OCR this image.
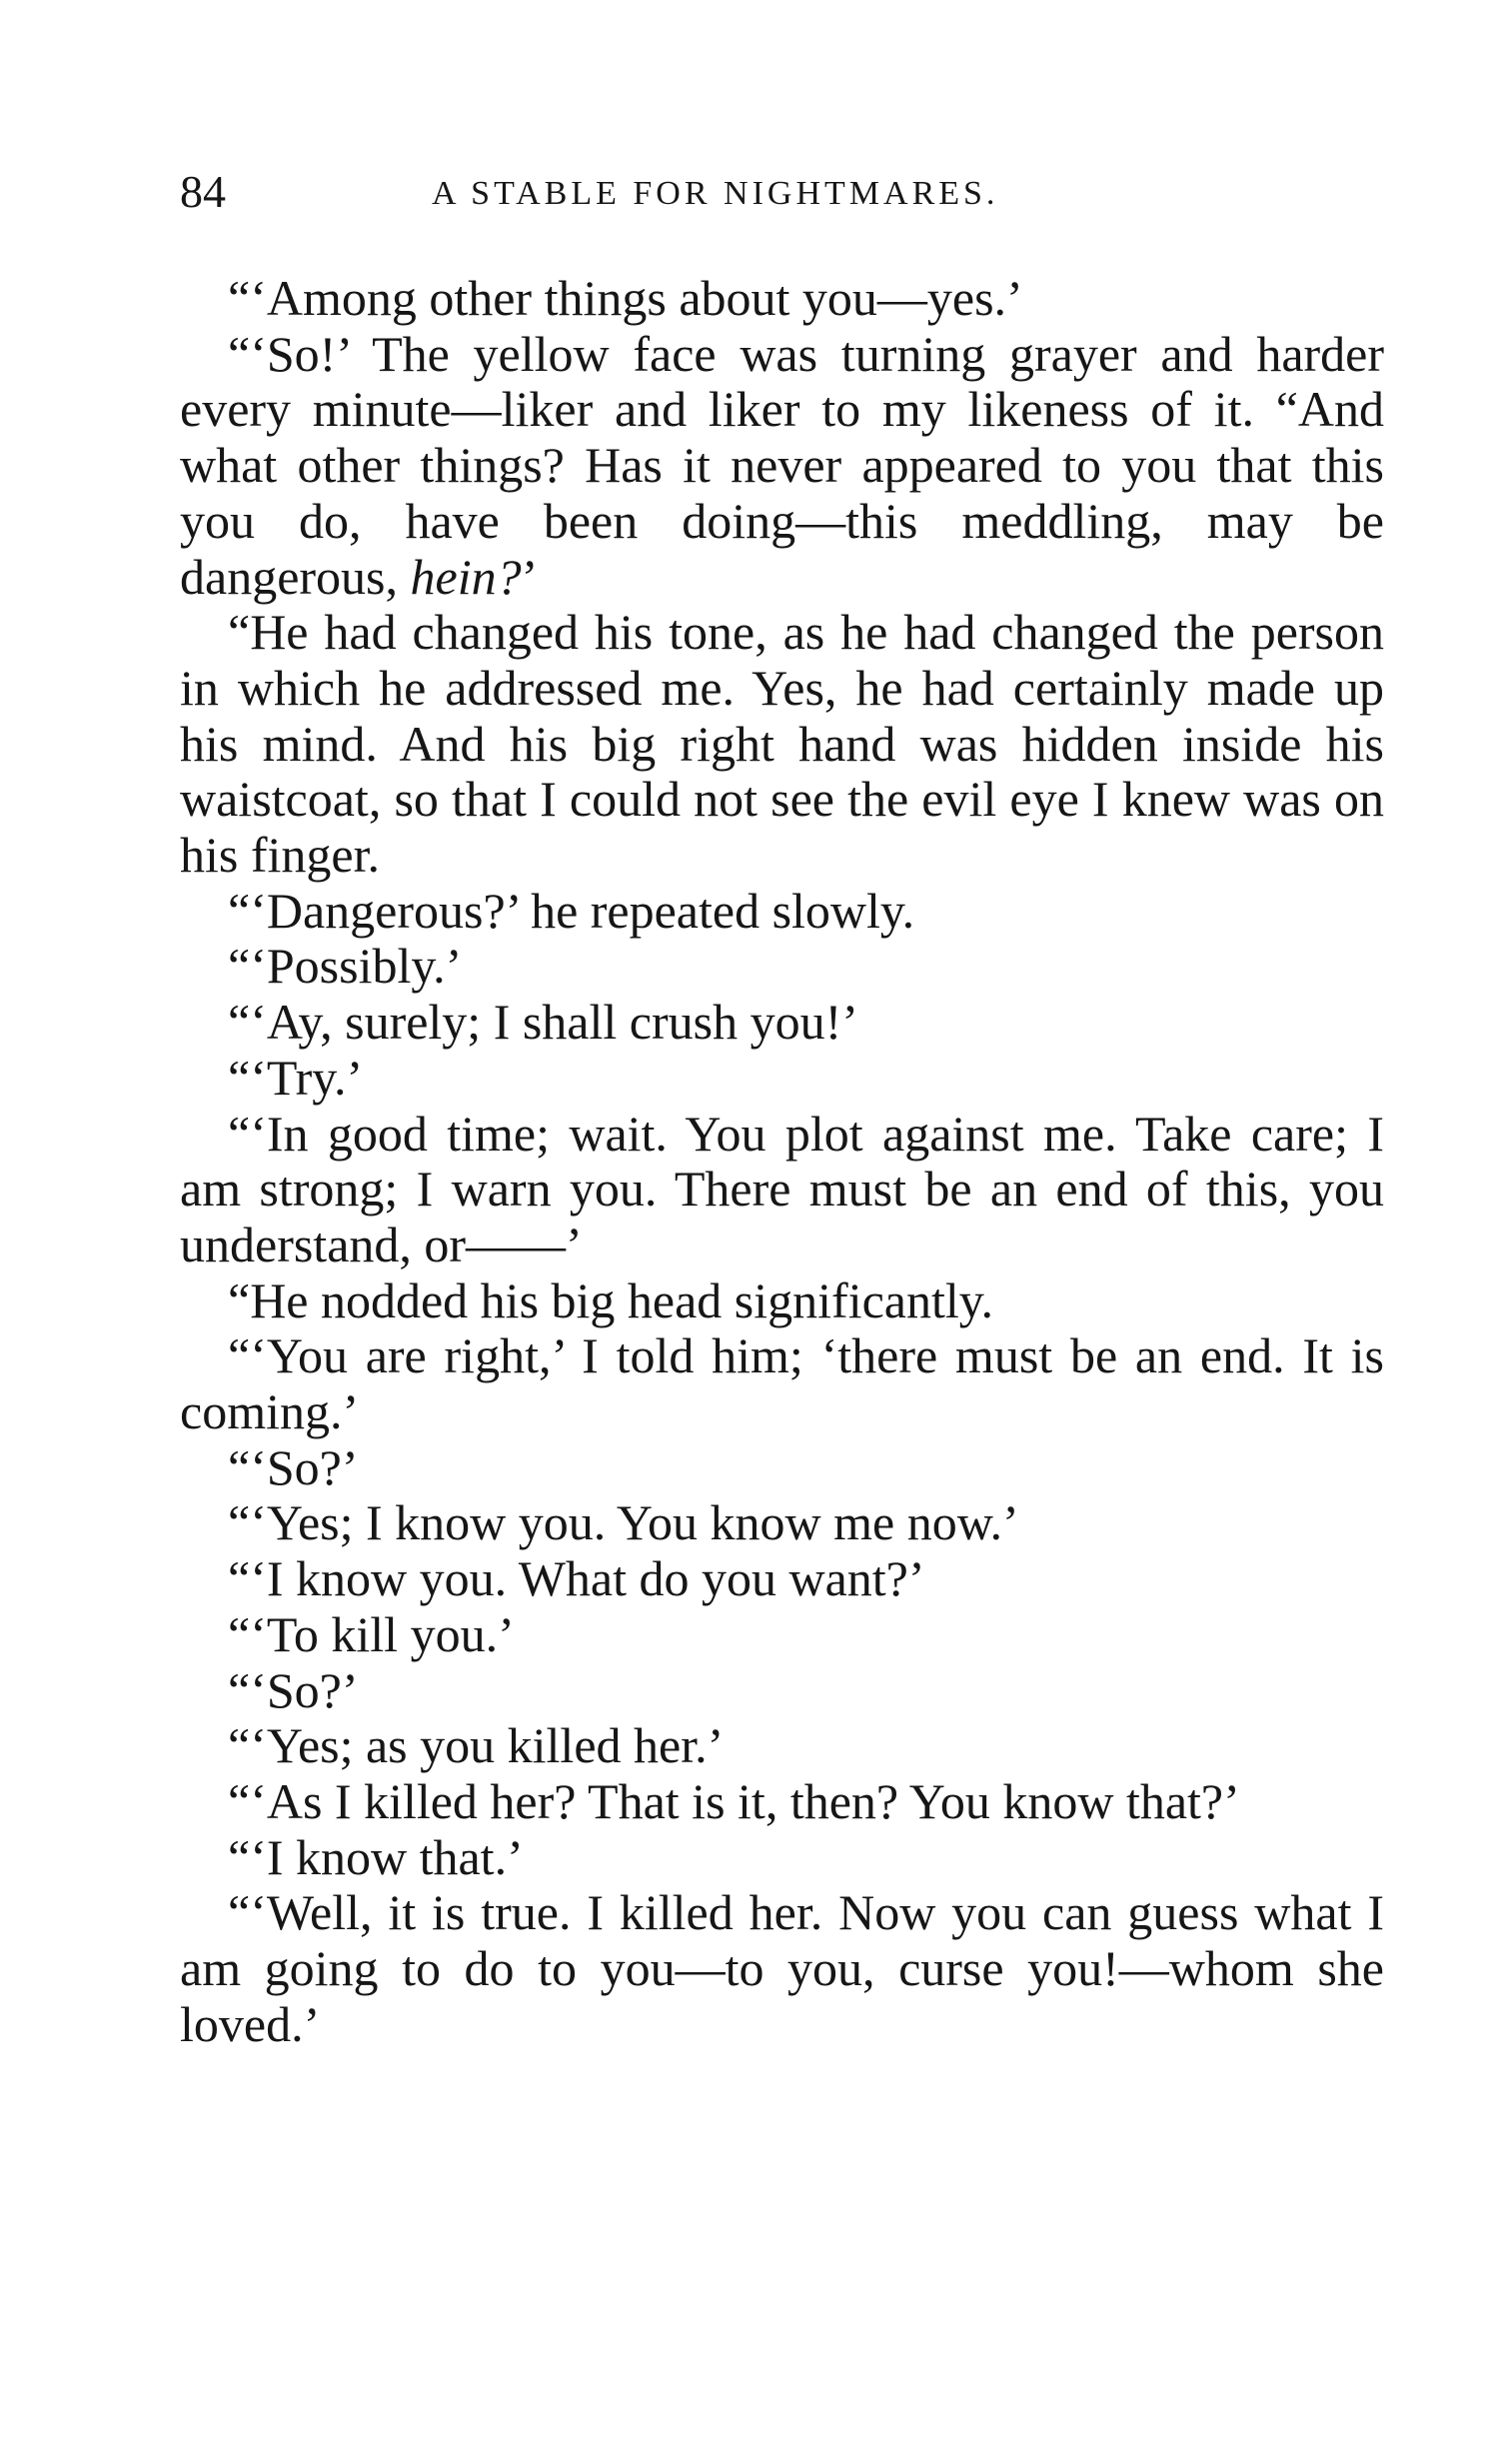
84	A STABLE FOR NIGHTMARES.

“‘Among other things about you—yes.’

“‘So!’ The yellow face was turning grayer and harder every minute—liker and liker to my likeness of it. “And what other things? Has it never appeared to you that this you do, have been doing—this meddling, may be dangerous, hein?’

“He had changed his tone, as he had changed the person in which he addressed me. Yes, he had certainly made up his mind. And his big right hand was hidden inside his waistcoat, so that I could not see the evil eye I knew was on his finger.

“‘Dangerous?’ he repeated slowly.

“‘Possibly.’

“‘Ay, surely; I shall crush you!’

“‘Try.’

“‘In good time; wait. You plot against me. Take care; I am strong; I warn you. There must be an end of this, you understand, or——’

“He nodded his big head significantly.

“‘You are right,’ I told him; ‘there must be an end. It is coming.’

“‘So?’

“‘Yes; I know you. You know me now.’

“‘I know you. What do you want?’

“‘To kill you.’

“‘So?’

“‘Yes; as you killed her.’

“‘As I killed her? That is it, then? You know that?’

“‘I know that.’

“‘Well, it is true. I killed her. Now you can guess what I am going to do to you—to you, curse you!—whom she loved.’
